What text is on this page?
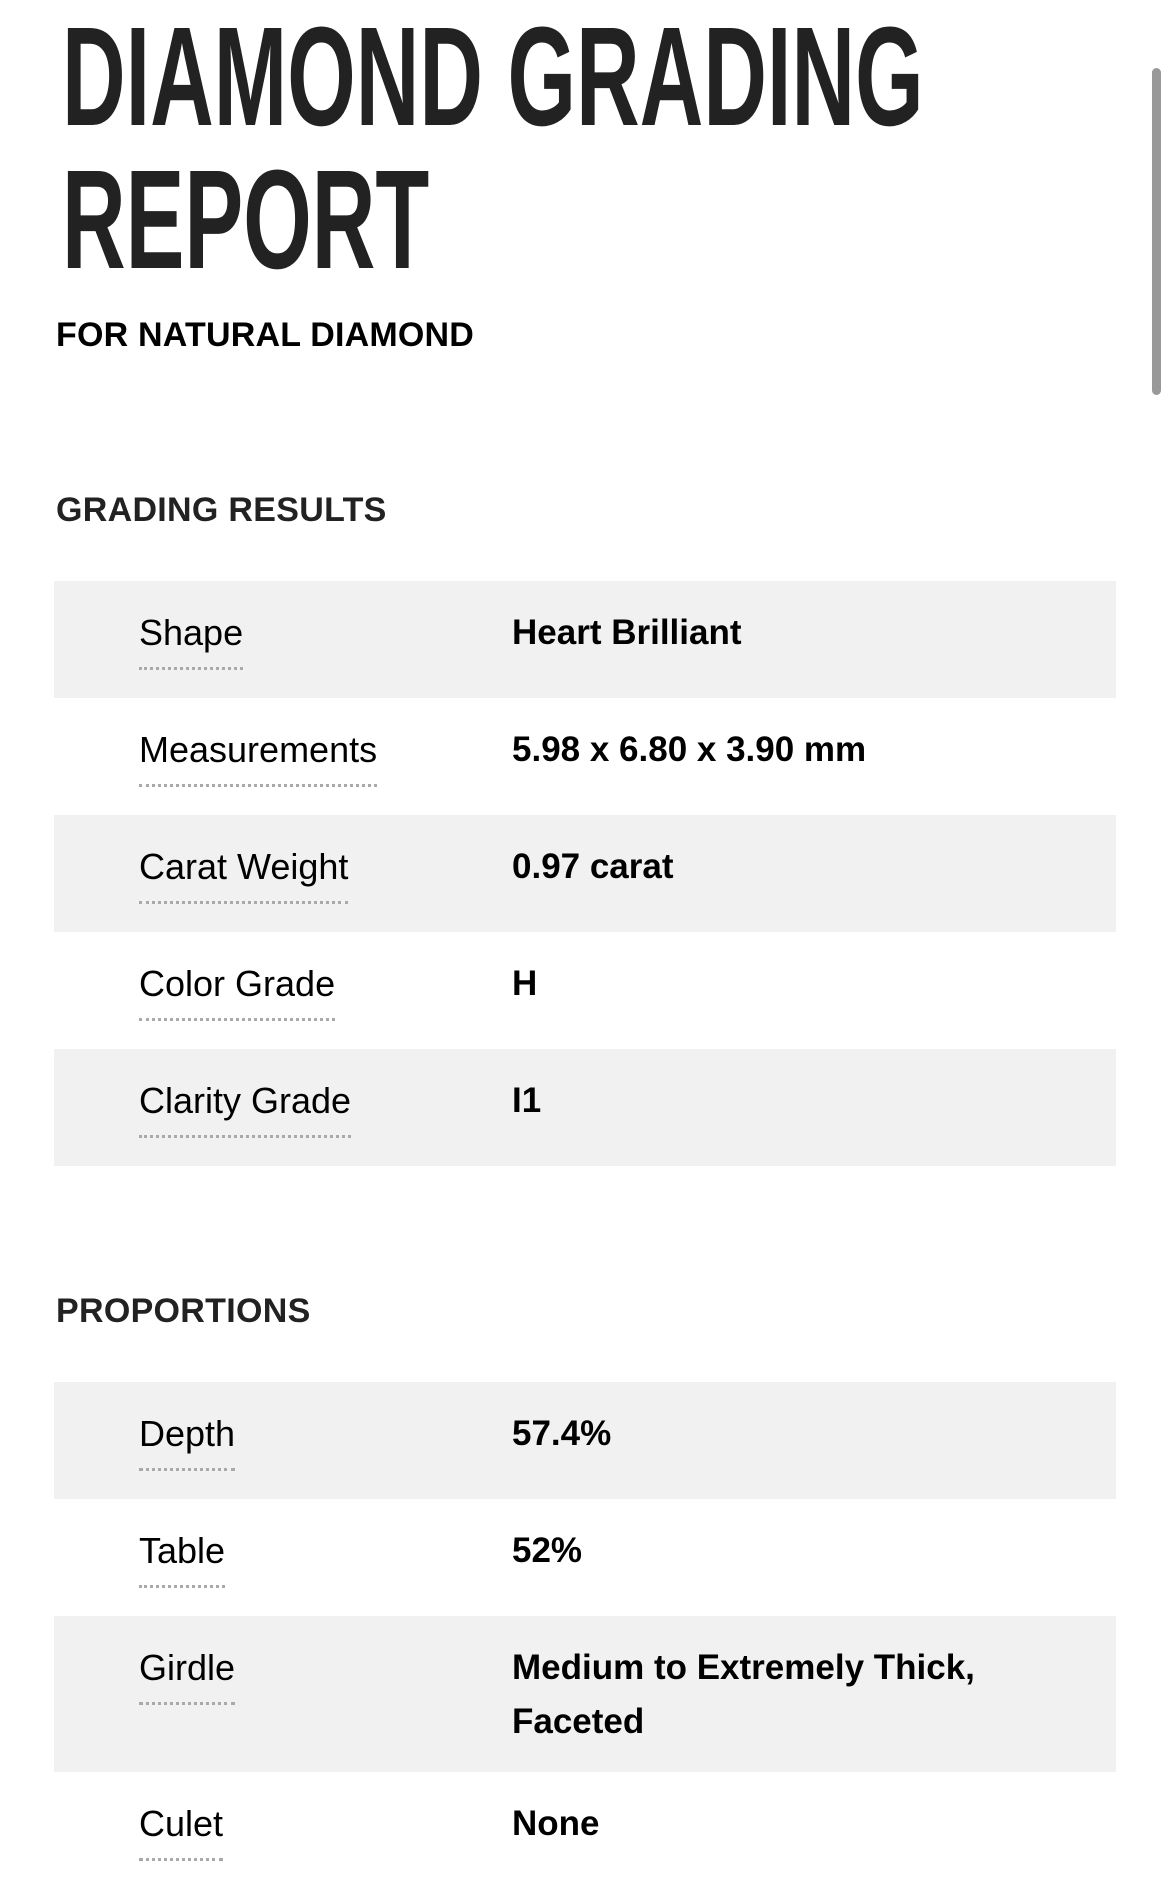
DIAMOND GRADING
REPORT
FOR NATURAL DIAMOND
GRADING RESULTS
Shape	Heart Brilliant
Measurements	5.98 x 6.80 x 3.90 mm
Carat Weight	0.97 carat
Color Grade	H
Clarity Grade	I1
PROPORTIONS
Depth	57.4%
Table	52%
Girdle	Medium to Extremely Thick, Faceted
Culet	None
